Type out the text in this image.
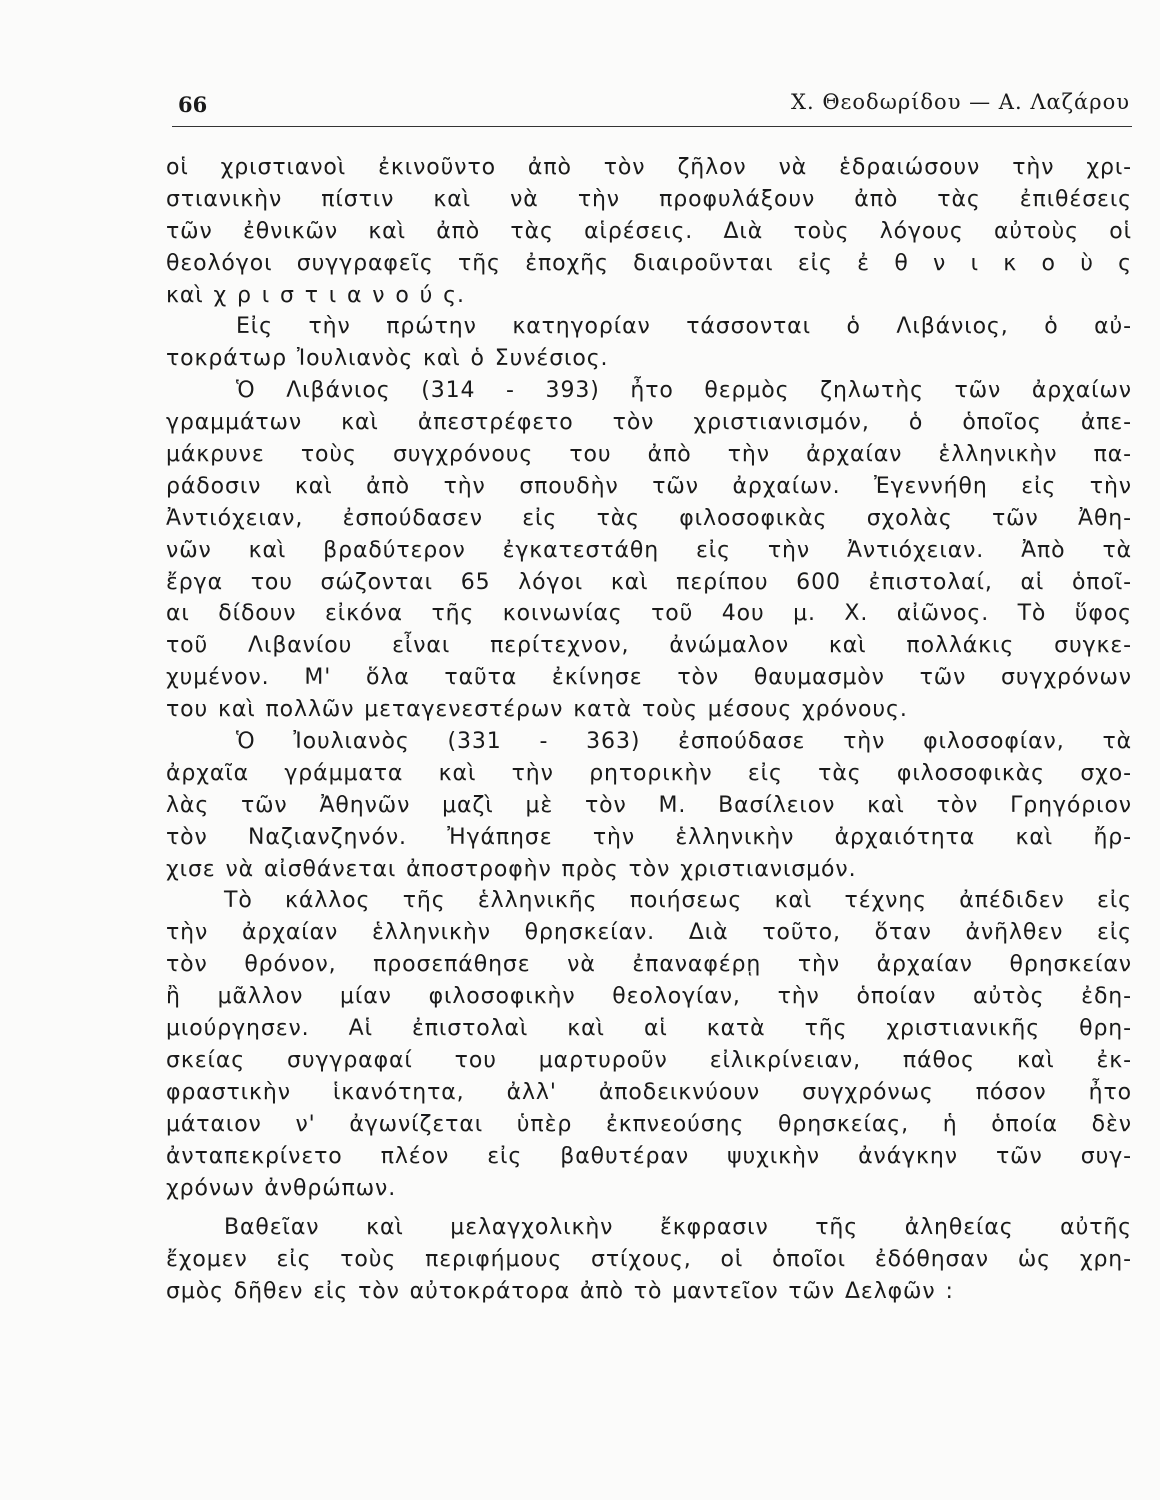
66	Χ. Θεοδωρίδου — Α. Λαζάρου
οἱ χριστιανοὶ ἐκινοῦντο ἀπὸ τὸν ζῆλον νὰ ἑδραιώσουν τὴν χρι-
στιανικὴν πίστιν καὶ νὰ τὴν προφυλάξουν ἀπὸ τὰς ἐπιθέσεις
τῶν ἐθνικῶν καὶ ἀπὸ τὰς αἱρέσεις. Διὰ τοὺς λόγους αὐτοὺς οἱ
θεολόγοι συγγραφεῖς τῆς ἐποχῆς διαιροῦνται εἰς ἐ θ ν ι κ ο ὺ ς
καὶ χ ρ ι σ τ ι α ν ο ύ ς.
Εἰς τὴν πρώτην κατηγορίαν τάσσονται ὁ Λιβάνιος, ὁ αὐ-
τοκράτωρ Ἰουλιανὸς καὶ ὁ Συνέσιος.
Ὁ Λιβάνιος (314 - 393) ἦτο θερμὸς ζηλωτὴς τῶν ἀρχαίων
γραμμάτων καὶ ἀπεστρέφετο τὸν χριστιανισμόν, ὁ ὁποῖος ἀπε-
μάκρυνε τοὺς συγχρόνους του ἀπὸ τὴν ἀρχαίαν ἑλληνικὴν πα-
ράδοσιν καὶ ἀπὸ τὴν σπουδὴν τῶν ἀρχαίων. Ἐγεννήθη εἰς τὴν
Ἀντιόχειαν, ἐσπούδασεν εἰς τὰς φιλοσοφικὰς σχολὰς τῶν Ἀθη-
νῶν καὶ βραδύτερον ἐγκατεστάθη εἰς τὴν Ἀντιόχειαν. Ἀπὸ τὰ
ἔργα του σώζονται 65 λόγοι καὶ περίπου 600 ἐπιστολαί, αἱ ὁποῖ-
αι δίδουν εἰκόνα τῆς κοινωνίας τοῦ 4ου μ. Χ. αἰῶνος. Τὸ ὕφος
τοῦ Λιβανίου εἶναι περίτεχνον, ἀνώμαλον καὶ πολλάκις συγκε-
χυμένον. Μ' ὅλα ταῦτα ἐκίνησε τὸν θαυμασμὸν τῶν συγχρόνων
του καὶ πολλῶν μεταγενεστέρων κατὰ τοὺς μέσους χρόνους.
Ὁ Ἰουλιανὸς (331 - 363) ἐσπούδασε τὴν φιλοσοφίαν, τὰ
ἀρχαῖα γράμματα καὶ τὴν ρητορικὴν εἰς τὰς φιλοσοφικὰς σχο-
λὰς τῶν Ἀθηνῶν μαζὶ μὲ τὸν Μ. Βασίλειον καὶ τὸν Γρηγόριον
τὸν Ναζιανζηνόν. Ἠγάπησε τὴν ἑλληνικὴν ἀρχαιότητα καὶ ἤρ-
χισε νὰ αἰσθάνεται ἀποστροφὴν πρὸς τὸν χριστιανισμόν.
Τὸ κάλλος τῆς ἑλληνικῆς ποιήσεως καὶ τέχνης ἀπέδιδεν εἰς
τὴν ἀρχαίαν ἑλληνικὴν θρησκείαν. Διὰ τοῦτο, ὅταν ἀνῆλθεν εἰς
τὸν θρόνον, προσεπάθησε νὰ ἐπαναφέρῃ τὴν ἀρχαίαν θρησκείαν
ἢ μᾶλλον μίαν φιλοσοφικὴν θεολογίαν, τὴν ὁποίαν αὐτὸς ἐδη-
μιούργησεν. Αἱ ἐπιστολαὶ καὶ αἱ κατὰ τῆς χριστιανικῆς θρη-
σκείας συγγραφαί του μαρτυροῦν εἰλικρίνειαν, πάθος καὶ ἐκ-
φραστικὴν ἱκανότητα, ἀλλ' ἀποδεικνύουν συγχρόνως πόσον ἦτο
μάταιον ν' ἀγωνίζεται ὑπὲρ ἐκπνεούσης θρησκείας, ἡ ὁποία δὲν
ἀνταπεκρίνετο πλέον εἰς βαθυτέραν ψυχικὴν ἀνάγκην τῶν συγ-
χρόνων ἀνθρώπων.
Βαθεῖαν καὶ μελαγχολικὴν ἔκφρασιν τῆς ἀληθείας αὐτῆς
ἔχομεν εἰς τοὺς περιφήμους στίχους, οἱ ὁποῖοι ἐδόθησαν ὡς χρη-
σμὸς δῆθεν εἰς τὸν αὐτοκράτορα ἀπὸ τὸ μαντεῖον τῶν Δελφῶν :
